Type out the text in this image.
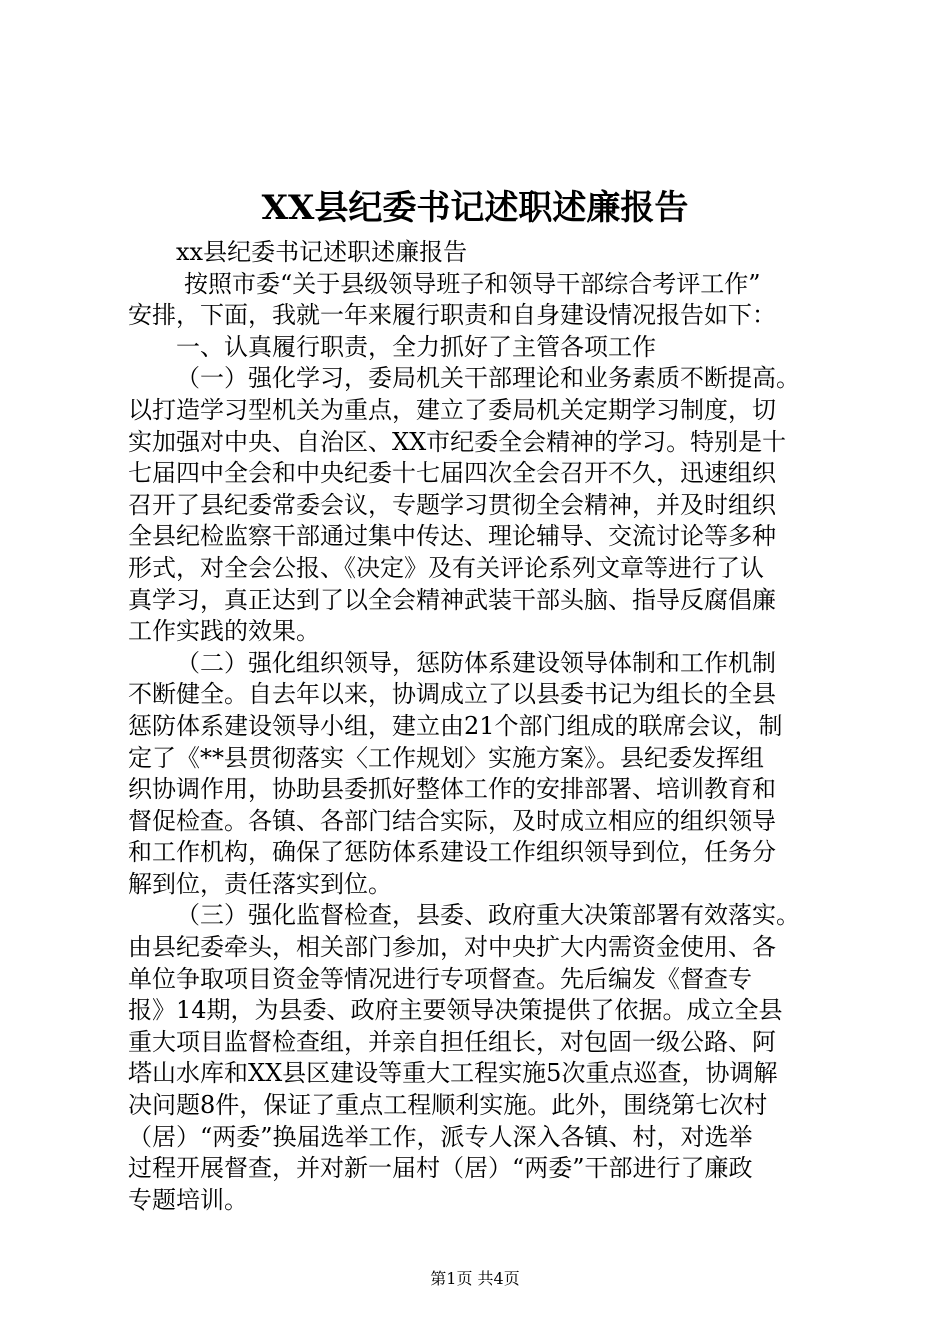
XX县纪委书记述职述廉报告
xx县纪委书记述职述廉报告
按照市委“关于县级领导班子和领导干部综合考评工作”
安排，下面，我就一年来履行职责和自身建设情况报告如下：
一、认真履行职责，全力抓好了主管各项工作
（一）强化学习，委局机关干部理论和业务素质不断提高。
以打造学习型机关为重点，建立了委局机关定期学习制度，切
实加强对中央、自治区、XX市纪委全会精神的学习。特别是十
七届四中全会和中央纪委十七届四次全会召开不久，迅速组织
召开了县纪委常委会议，专题学习贯彻全会精神，并及时组织
全县纪检监察干部通过集中传达、理论辅导、交流讨论等多种
形式，对全会公报、《决定》及有关评论系列文章等进行了认
真学习，真正达到了以全会精神武装干部头脑、指导反腐倡廉
工作实践的效果。
（二）强化组织领导，惩防体系建设领导体制和工作机制
不断健全。自去年以来，协调成立了以县委书记为组长的全县
惩防体系建设领导小组，建立由21个部门组成的联席会议，制
定了《**县贯彻落实〈工作规划〉实施方案》。县纪委发挥组
织协调作用，协助县委抓好整体工作的安排部署、培训教育和
督促检查。各镇、各部门结合实际，及时成立相应的组织领导
和工作机构，确保了惩防体系建设工作组织领导到位，任务分
解到位，责任落实到位。
（三）强化监督检查，县委、政府重大决策部署有效落实。
由县纪委牵头，相关部门参加，对中央扩大内需资金使用、各
单位争取项目资金等情况进行专项督查。先后编发《督查专
报》14期，为县委、政府主要领导决策提供了依据。成立全县
重大项目监督检查组，并亲自担任组长，对包固一级公路、阿
塔山水库和XX县区建设等重大工程实施5次重点巡查，协调解
决问题8件，保证了重点工程顺利实施。此外，围绕第七次村
（居）“两委”换届选举工作，派专人深入各镇、村，对选举
过程开展督查，并对新一届村（居）“两委”干部进行了廉政
专题培训。
第1页 共4页
